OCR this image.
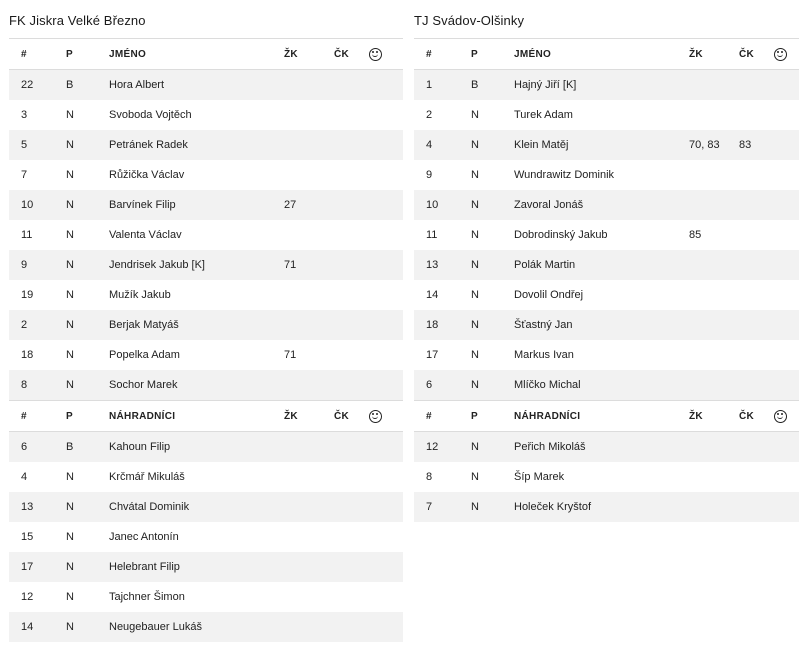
FK Jiskra Velké Březno
#	P	JMÉNO	ŽK	ČK	
22	B	Hora Albert			
3	N	Svoboda Vojtěch			
5	N	Petránek Radek			
7	N	Růžička Václav			
10	N	Barvínek Filip	27		
11	N	Valenta Václav			
9	N	Jendrisek Jakub [K]	71		
19	N	Mužík Jakub			
2	N	Berjak Matyáš			
18	N	Popelka Adam	71		
8	N	Sochor Marek			
#	P	NÁHRADNÍCI	ŽK	ČK	
6	B	Kahoun Filip			
4	N	Krčmář Mikuláš			
13	N	Chvátal Dominik			
15	N	Janec Antonín			
17	N	Helebrant Filip			
12	N	Tajchner Šimon			
14	N	Neugebauer Lukáš			
TJ Svádov-Olšinky
#	P	JMÉNO	ŽK	ČK	
1	B	Hajný Jiří [K]			
2	N	Turek Adam			
4	N	Klein Matěj	70, 83	83	
9	N	Wundrawitz Dominik			
10	N	Zavoral Jonáš			
11	N	Dobrodinský Jakub	85		
13	N	Polák Martin			
14	N	Dovolil Ondřej			
18	N	Šťastný Jan			
17	N	Markus Ivan			
6	N	Mlíčko Michal			
#	P	NÁHRADNÍCI	ŽK	ČK	
12	N	Peřich Mikoláš			
8	N	Šíp Marek			
7	N	Holeček Kryštof			
